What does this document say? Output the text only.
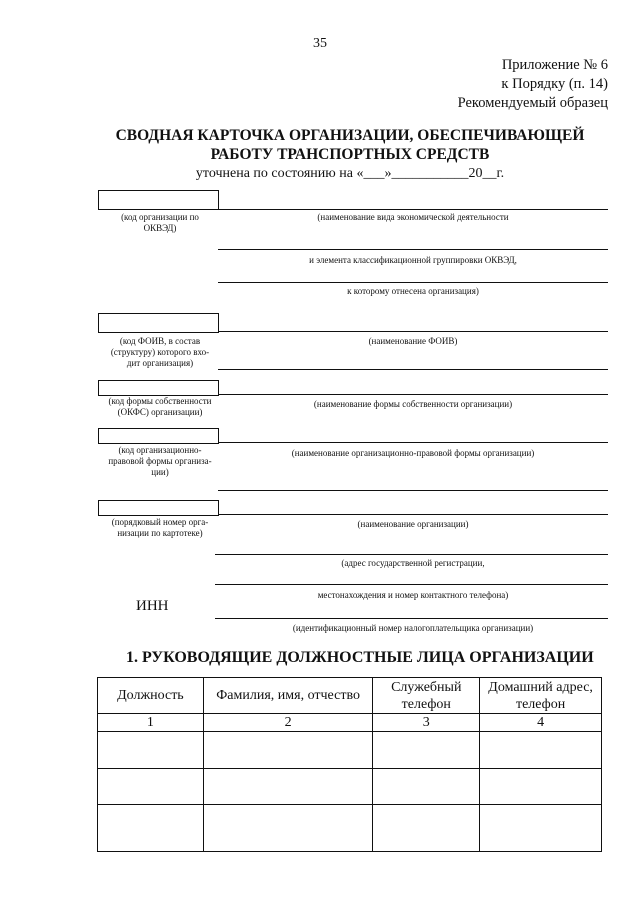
35
Приложение № 6
к Порядку (п. 14)
Рекомендуемый образец
СВОДНАЯ КАРТОЧКА ОРГАНИЗАЦИИ, ОБЕСПЕЧИВАЮЩЕЙ
РАБОТУ ТРАНСПОРТНЫХ СРЕДСТВ
уточнена по состоянию на «___»___________20__г.
(код организации по
ОКВЭД)
(наименование вида экономической деятельности
и элемента классификационной группировки ОКВЭД,
к которому отнесена организация)
(код ФОИВ, в состав
(структуру) которого вхо-
дит организация)
(наименование ФОИВ)
(код формы собственности
(ОКФС) организации)
(наименование формы собственности организации)
(код организационно-
правовой формы организа-
ции)
(наименование организационно-правовой формы организации)
(порядковый номер орга-
низации по картотеке)
(наименование организации)
(адрес государственной регистрации,
местонахождения и номер контактного телефона)
ИНН
(идентификационный номер налогоплательщика организации)
1. РУКОВОДЯЩИЕ ДОЛЖНОСТНЫЕ ЛИЦА ОРГАНИЗАЦИИ
Должность	Фамилия, имя, отчество	Служебный телефон	Домашний адрес, телефон
1	2	3	4
